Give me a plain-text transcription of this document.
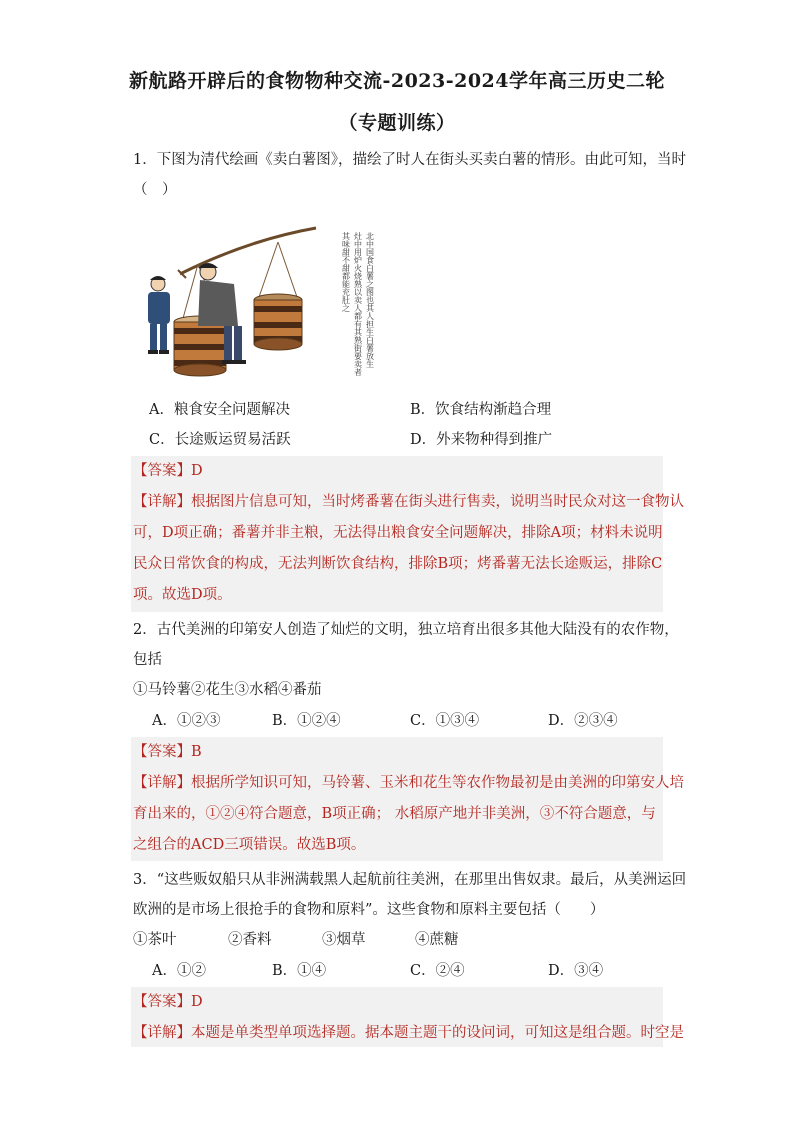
新航路开辟后的食物物种交流-2023-2024学年高三历史二轮
（专题训练）
1．下图为清代绘画《卖白薯图》，描绘了时人在街头买卖白薯的情形。由此可知，当时
（　）
北中国食白薯之图也其人担生白薯放生
灶中用炉火烧熟以卖人都有其熟街要卖者
其味甜不甜都能充肚之
A．粮食安全问题解决	B．饮食结构渐趋合理
C．长途贩运贸易活跃	D．外来物种得到推广
【答案】D
【详解】根据图片信息可知，当时烤番薯在街头进行售卖，说明当时民众对这一食物认
可，D项正确；番薯并非主粮，无法得出粮食安全问题解决，排除A项；材料未说明
民众日常饮食的构成，无法判断饮食结构，排除B项；烤番薯无法长途贩运，排除C
项。故选D项。
2．古代美洲的印第安人创造了灿烂的文明，独立培育出很多其他大陆没有的农作物，
包括
①马铃薯②花生③水稻④番茄
A．①②③	B．①②④	C．①③④	D．②③④
【答案】B
【详解】根据所学知识可知，马铃薯、玉米和花生等农作物最初是由美洲的印第安人培
育出来的，①②④符合题意，B项正确； 水稻原产地并非美洲，③不符合题意，与
之组合的ACD三项错误。故选B项。
3．“这些贩奴船只从非洲满载黑人起航前往美洲，在那里出售奴隶。最后，从美洲运回
欧洲的是市场上很抢手的食物和原料”。这些食物和原料主要包括（　　）
①茶叶	②香料	③烟草	④蔗糖
A．①②	B．①④	C．②④	D．③④
【答案】D
【详解】本题是单类型单项选择题。据本题主题干的设问词，可知这是组合题。时空是
